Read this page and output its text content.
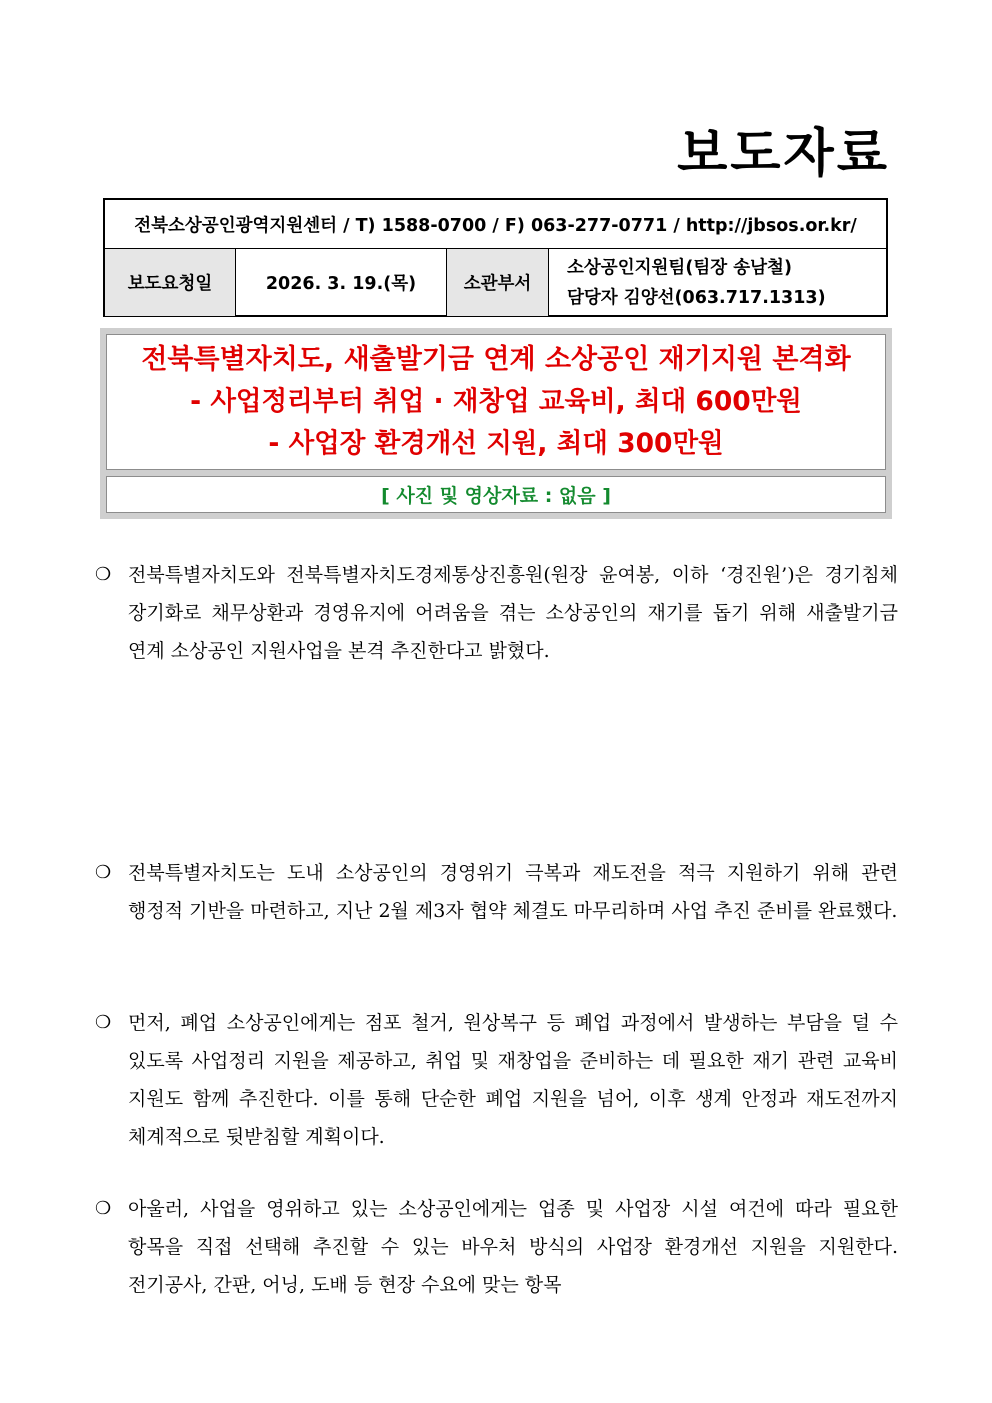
보도자료
전북소상공인광역지원센터 / T) 1588-0700 / F) 063-277-0771 / http://jbsos.or.kr/
보도요청일	2026. 3. 19.(목)	소관부서
소상공인지원팀(팀장 송남철)
담당자 김양선(063.717.1313)
전북특별자치도, 새출발기금 연계 소상공인 재기지원 본격화
- 사업정리부터 취업 · 재창업 교육비, 최대 600만원
- 사업장 환경개선 지원, 최대 300만원
[ 사진 및 영상자료 : 없음 ]
❍ 전북특별자치도와 전북특별자치도경제통상진흥원(원장 윤여봉, 이하 ‘경진원’)은 경기침체 장기화로 채무상환과 경영유지에 어려움을 겪는 소상공인의 재기를 돕기 위해 새출발기금 연계 소상공인 지원사업을 본격 추진한다고 밝혔다.
❍ 전북특별자치도는 도내 소상공인의 경영위기 극복과 재도전을 적극 지원하기 위해 관련 행정적 기반을 마련하고, 지난 2월 제3자 협약 체결도 마무리하며 사업 추진 준비를 완료했다.
❍ 먼저, 폐업 소상공인에게는 점포 철거, 원상복구 등 폐업 과정에서 발생하는 부담을 덜 수 있도록 사업정리 지원을 제공하고, 취업 및 재창업을 준비하는 데 필요한 재기 관련 교육비 지원도 함께 추진한다. 이를 통해 단순한 폐업 지원을 넘어, 이후 생계 안정과 재도전까지 체계적으로 뒷받침할 계획이다.
❍ 아울러, 사업을 영위하고 있는 소상공인에게는 업종 및 사업장 시설 여건에 따라 필요한 항목을 직접 선택해 추진할 수 있는 바우처 방식의 사업장 환경개선 지원을 지원한다. 전기공사, 간판, 어닝, 도배 등 현장 수요에 맞는 항목
